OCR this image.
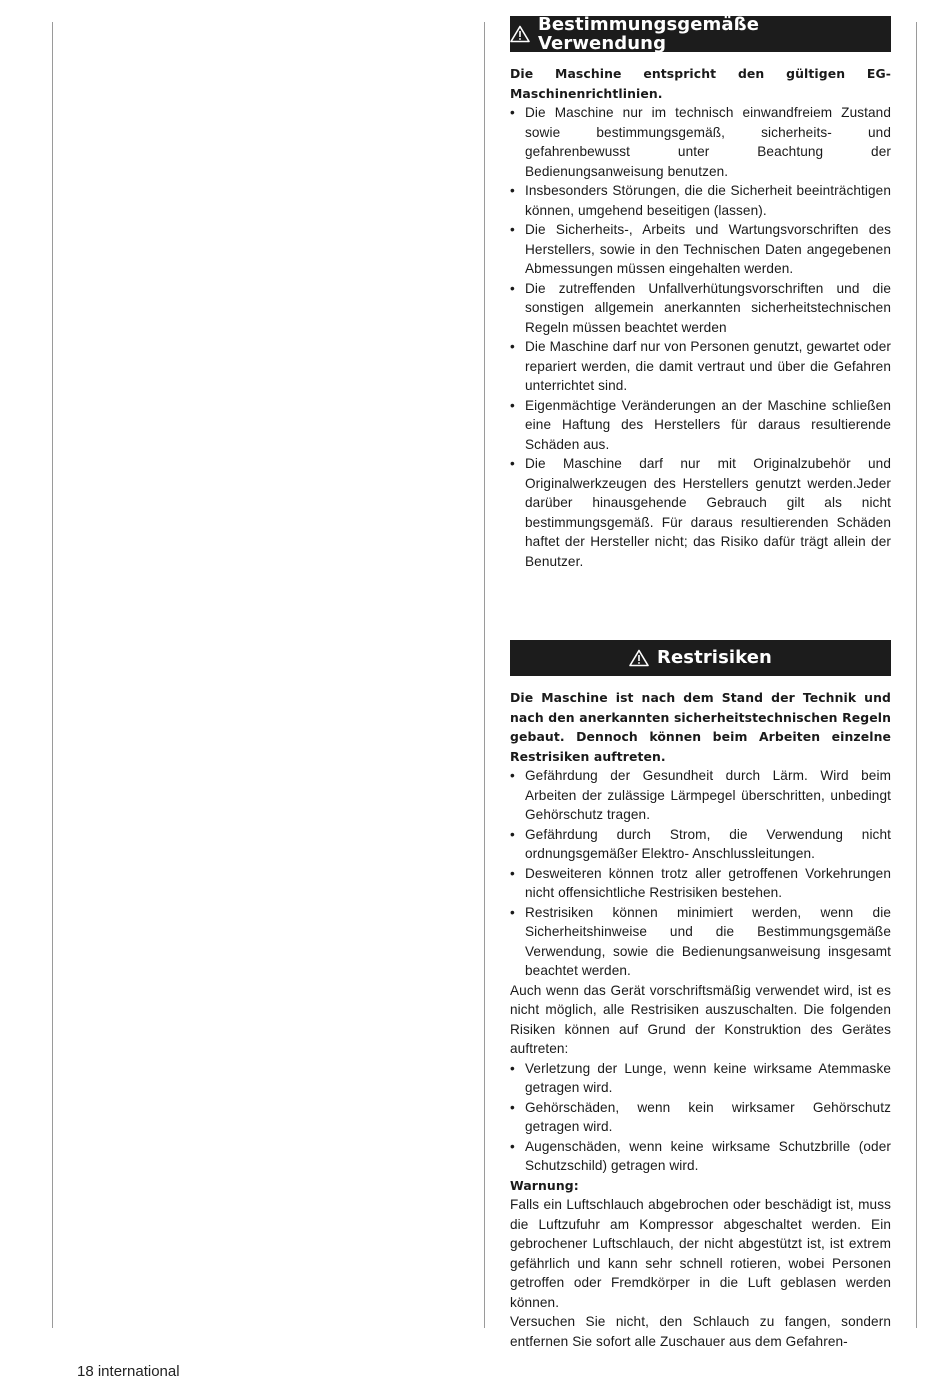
Bestimmungsgemäße Verwendung

Die Maschine entspricht den gültigen EG-Maschinenrichtlinien.

• Die Maschine nur im technisch einwandfreiem Zustand sowie bestimmungsgemäß, sicherheits- und gefahrenbewusst unter Beachtung der Bedienungsanweisung benutzen.
• Insbesonders Störungen, die die Sicherheit beeinträchtigen können, umgehend beseitigen (lassen).
• Die Sicherheits-, Arbeits und Wartungsvorschriften des Herstellers, sowie in den Technischen Daten angegebenen Abmessungen müssen eingehalten werden.
• Die zutreffenden Unfallverhütungsvorschriften und die sonstigen allgemein anerkannten sicherheitstechnischen Regeln müssen beachtet werden
• Die Maschine darf nur von Personen genutzt, gewartet oder repariert werden, die damit vertraut und über die Gefahren unterrichtet sind.
• Eigenmächtige Veränderungen an der Maschine schließen eine Haftung des Herstellers für daraus resultierende Schäden aus.
• Die Maschine darf nur mit Originalzubehör und Originalwerkzeugen des Herstellers genutzt werden.Jeder darüber hinausgehende Gebrauch gilt als nicht bestimmungsgemäß. Für daraus resultierenden Schäden haftet der Hersteller nicht; das Risiko dafür trägt allein der Benutzer.
Restrisiken

Die Maschine ist nach dem Stand der Technik und nach den anerkannten sicherheitstechnischen Regeln gebaut. Dennoch können beim Arbeiten einzelne Restrisiken auftreten.

• Gefährdung der Gesundheit durch Lärm. Wird beim Arbeiten der zulässige Lärmpegel überschritten, unbedingt Gehörschutz tragen.
• Gefährdung durch Strom, die Verwendung nicht ordnungsgemäßer Elektro- Anschlussleitungen.
• Desweiteren können trotz aller getroffenen Vorkehrungen nicht offensichtliche Restrisiken bestehen.
• Restrisiken können minimiert werden, wenn die Sicherheitshinweise und die Bestimmungsgemäße Verwendung, sowie die Bedienungsanweisung insgesamt beachtet werden.

Auch wenn das Gerät vorschriftsmäßig verwendet wird, ist es nicht möglich, alle Restrisiken auszuschalten. Die folgenden Risiken können auf Grund der Konstruktion des Gerätes auftreten:

• Verletzung der Lunge, wenn keine wirksame Atemmaske getragen wird.
• Gehörschäden, wenn kein wirksamer Gehörschutz getragen wird.
• Augenschäden, wenn keine wirksame Schutzbrille (oder Schutzschild) getragen wird.
Warnung:

Falls ein Luftschlauch abgebrochen oder beschädigt ist, muss die Luftzufuhr am Kompressor abgeschaltet werden. Ein gebrochener Luftschlauch, der nicht abgestützt ist, ist extrem gefährlich und kann sehr schnell rotieren, wobei Personen getroffen oder Fremdkörper in die Luft geblasen werden können.

Versuchen Sie nicht, den Schlauch zu fangen, sondern entfernen Sie sofort alle Zuschauer aus dem Gefahren-

18 international
